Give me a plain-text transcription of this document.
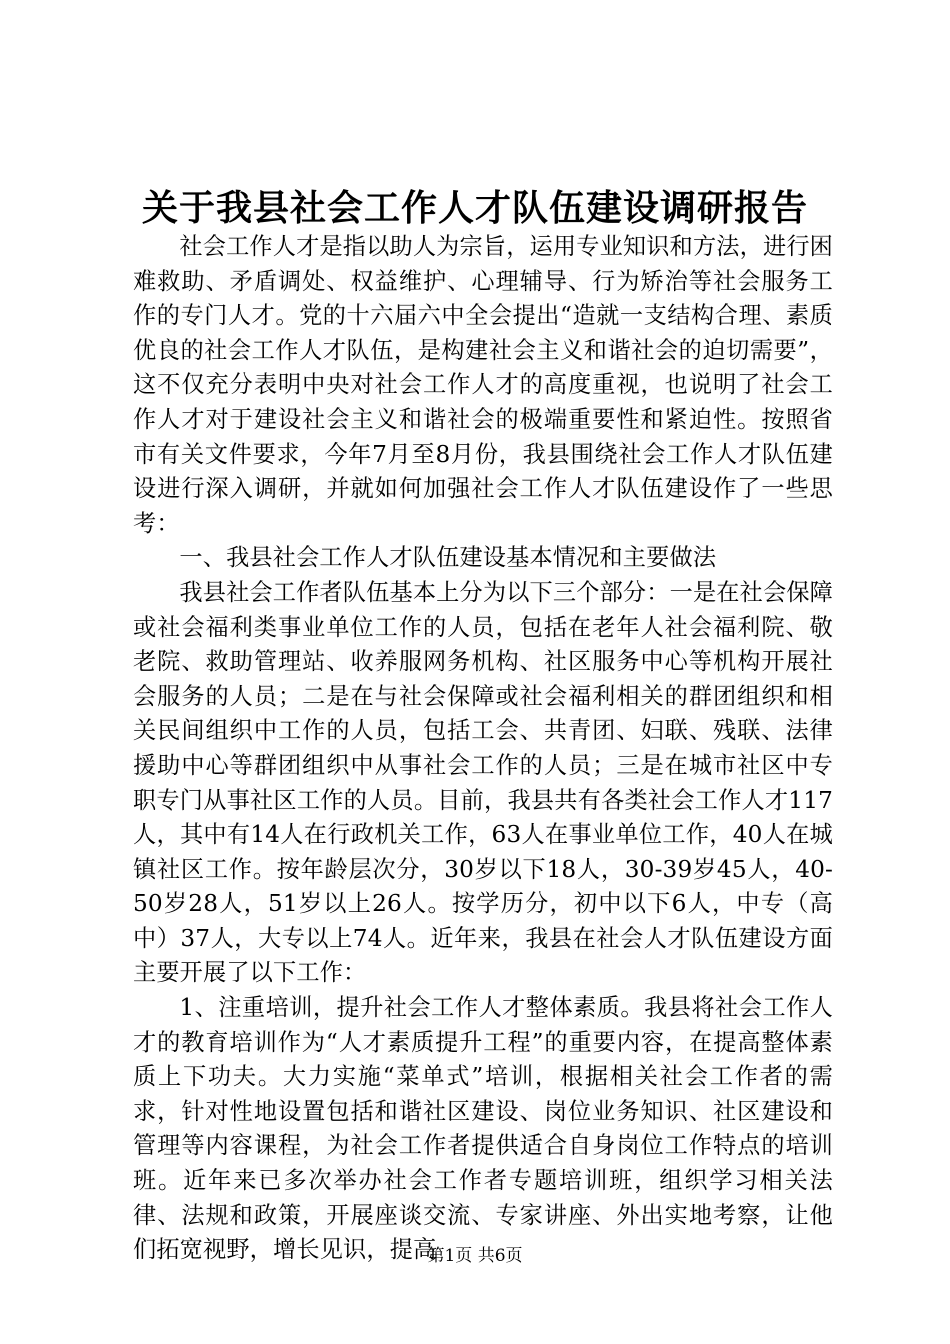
关于我县社会工作人才队伍建设调研报告

社会工作人才是指以助人为宗旨，运用专业知识和方法，进行困难救助、矛盾调处、权益维护、心理辅导、行为矫治等社会服务工作的专门人才。党的十六届六中全会提出“造就一支结构合理、素质优良的社会工作人才队伍，是构建社会主义和谐社会的迫切需要”，这不仅充分表明中央对社会工作人才的高度重视，也说明了社会工作人才对于建设社会主义和谐社会的极端重要性和紧迫性。按照省市有关文件要求，今年7月至8月份，我县围绕社会工作人才队伍建设进行深入调研，并就如何加强社会工作人才队伍建设作了一些思考：

一、我县社会工作人才队伍建设基本情况和主要做法

我县社会工作者队伍基本上分为以下三个部分：一是在社会保障或社会福利类事业单位工作的人员，包括在老年人社会福利院、敬老院、救助管理站、收养服网务机构、社区服务中心等机构开展社会服务的人员；二是在与社会保障或社会福利相关的群团组织和相关民间组织中工作的人员，包括工会、共青团、妇联、残联、法律援助中心等群团组织中从事社会工作的人员；三是在城市社区中专职专门从事社区工作的人员。目前，我县共有各类社会工作人才117人，其中有14人在行政机关工作，63人在事业单位工作，40人在城镇社区工作。按年龄层次分，30岁以下18人，30-39岁45人，40-50岁28人，51岁以上26人。按学历分，初中以下6人，中专（高中）37人，大专以上74人。近年来，我县在社会人才队伍建设方面主要开展了以下工作：

1、注重培训，提升社会工作人才整体素质。我县将社会工作人才的教育培训作为“人才素质提升工程”的重要内容，在提高整体素质上下功夫。大力实施“菜单式”培训，根据相关社会工作者的需求，针对性地设置包括和谐社区建设、岗位业务知识、社区建设和管理等内容课程，为社会工作者提供适合自身岗位工作特点的培训班。近年来已多次举办社会工作者专题培训班，组织学习相关法律、法规和政策，开展座谈交流、专家讲座、外出实地考察，让他们拓宽视野，增长见识，提高

第1页 共6页
